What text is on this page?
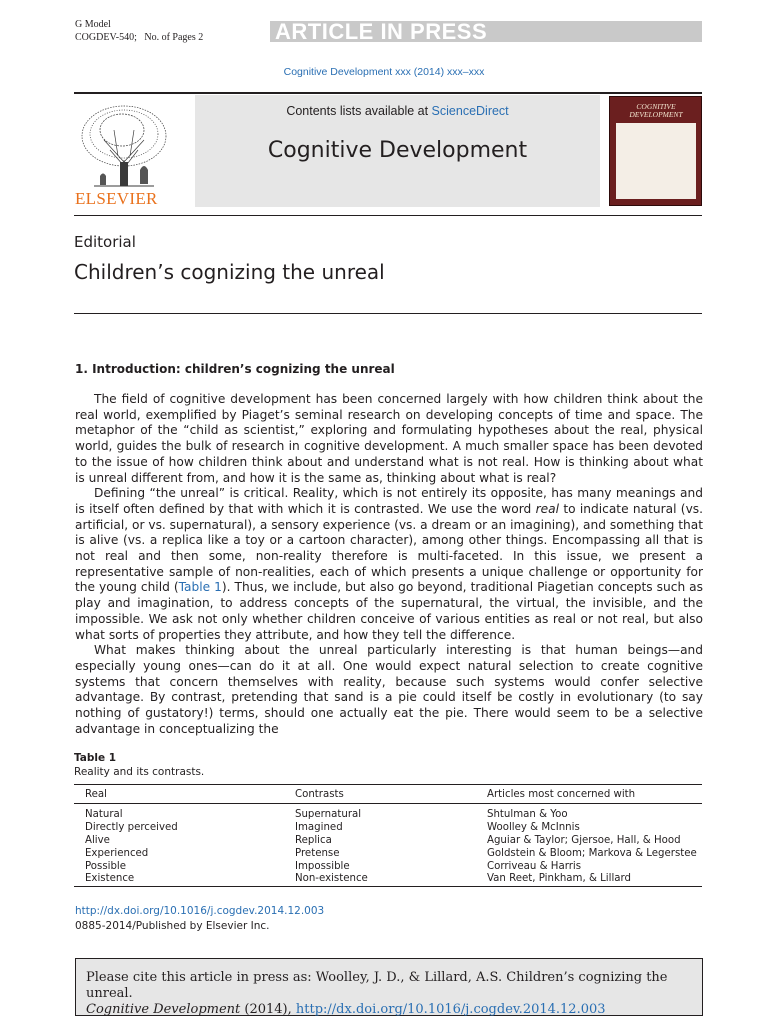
G Model
COGDEV-540; No. of Pages 2	ARTICLE IN PRESS
Cognitive Development xxx (2014) xxx–xxx
ELSEVIER
Contents lists available at ScienceDirect
Cognitive Development
COGNITIVE DEVELOPMENT
Editorial
Children’s cognizing the unreal
1. Introduction: children’s cognizing the unreal

The field of cognitive development has been concerned largely with how children think about the real world, exemplified by Piaget’s seminal research on developing concepts of time and space. The metaphor of the “child as scientist,” exploring and formulating hypotheses about the real, physical world, guides the bulk of research in cognitive development. A much smaller space has been devoted to the issue of how children think about and understand what is not real. How is thinking about what is unreal different from, and how it is the same as, thinking about what is real?

Defining “the unreal” is critical. Reality, which is not entirely its opposite, has many meanings and is itself often defined by that with which it is contrasted. We use the word real to indicate natural (vs. artificial, or vs. supernatural), a sensory experience (vs. a dream or an imagining), and something that is alive (vs. a replica like a toy or a cartoon character), among other things. Encompassing all that is not real and then some, non-reality therefore is multi-faceted. In this issue, we present a representative sample of non-realities, each of which presents a unique challenge or opportunity for the young child (Table 1). Thus, we include, but also go beyond, traditional Piagetian concepts such as play and imagination, to address concepts of the supernatural, the virtual, the invisible, and the impossible. We ask not only whether children conceive of various entities as real or not real, but also what sorts of properties they attribute, and how they tell the difference.

What makes thinking about the unreal particularly interesting is that human beings—and especially young ones—can do it at all. One would expect natural selection to create cognitive systems that concern themselves with reality, because such systems would confer selective advantage. By contrast, pretending that sand is a pie could itself be costly in evolutionary (to say nothing of gustatory!) terms, should one actually eat the pie. There would seem to be a selective advantage in conceptualizing the

Table 1
Reality and its contrasts.
Real	Contrasts	Articles most concerned with
Natural	Supernatural	Shtulman & Yoo
Directly perceived	Imagined	Woolley & McInnis
Alive	Replica	Aguiar & Taylor; Gjersoe, Hall, & Hood
Experienced	Pretense	Goldstein & Bloom; Markova & Legerstee
Possible	Impossible	Corriveau & Harris
Existence	Non-existence	Van Reet, Pinkham, & Lillard
http://dx.doi.org/10.1016/j.cogdev.2014.12.003
0885-2014/Published by Elsevier Inc.
Please cite this article in press as: Woolley, J. D., & Lillard, A.S. Children’s cognizing the unreal.
Cognitive Development (2014), http://dx.doi.org/10.1016/j.cogdev.2014.12.003
